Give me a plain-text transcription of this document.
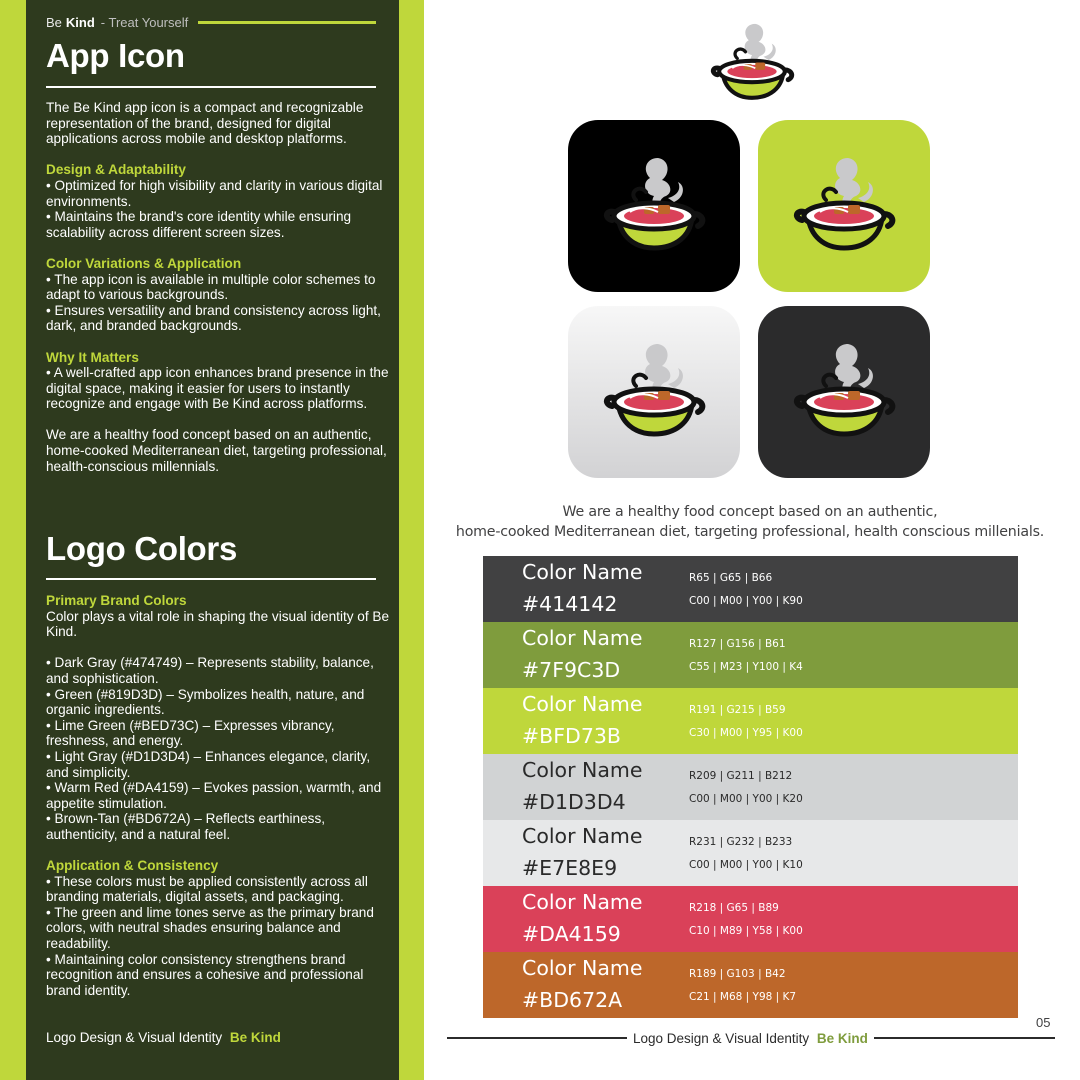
Be Kind - Treat Yourself
App Icon

The Be Kind app icon is a compact and recognizable representation of the brand, designed for digital applications across mobile and desktop platforms.

Design & Adaptability

• Optimized for high visibility and clarity in various digital environments.

• Maintains the brand's core identity while ensuring scalability across different screen sizes.

Color Variations & Application

• The app icon is available in multiple color schemes to adapt to various backgrounds.

• Ensures versatility and brand consistency across light, dark, and branded backgrounds.

Why It Matters

• A well-crafted app icon enhances brand presence in the digital space, making it easier for users to instantly recognize and engage with Be Kind across platforms.

We are a healthy food concept based on an authentic, home-cooked Mediterranean diet, targeting professional, health-conscious millennials.

Logo Colors

Primary Brand Colors

Color plays a vital role in shaping the visual identity of Be Kind.

• Dark Gray (#474749) – Represents stability, balance, and sophistication.

• Green (#819D3D) – Symbolizes health, nature, and organic ingredients.

• Lime Green (#BED73C) – Expresses vibrancy, freshness, and energy.

• Light Gray (#D1D3D4) – Enhances elegance, clarity, and simplicity.

• Warm Red (#DA4159) – Evokes passion, warmth, and appetite stimulation.

• Brown-Tan (#BD672A) – Reflects earthiness, authenticity, and a natural feel.

Application & Consistency

• These colors must be applied consistently across all branding materials, digital assets, and packaging.

• The green and lime tones serve as the primary brand colors, with neutral shades ensuring balance and readability.

• Maintaining color consistency strengthens brand recognition and ensures a cohesive and professional brand identity.

Logo Design & Visual Identity Be Kind
We are a healthy food concept based on an authentic,
home-cooked Mediterranean diet, targeting professional, health conscious millenials.
Color Name
#414142
R65 | G65 | B66
C00 | M00 | Y00 | K90
Color Name
#7F9C3D
R127 | G156 | B61
C55 | M23 | Y100 | K4
Color Name
#BFD73B
R191 | G215 | B59
C30 | M00 | Y95 | K00
Color Name
#D1D3D4
R209 | G211 | B212
C00 | M00 | Y00 | K20
Color Name
#E7E8E9
R231 | G232 | B233
C00 | M00 | Y00 | K10
Color Name
#DA4159
R218 | G65 | B89
C10 | M89 | Y58 | K00
Color Name
#BD672A
R189 | G103 | B42
C21 | M68 | Y98 | K7
05
Logo Design & Visual Identity Be Kind
